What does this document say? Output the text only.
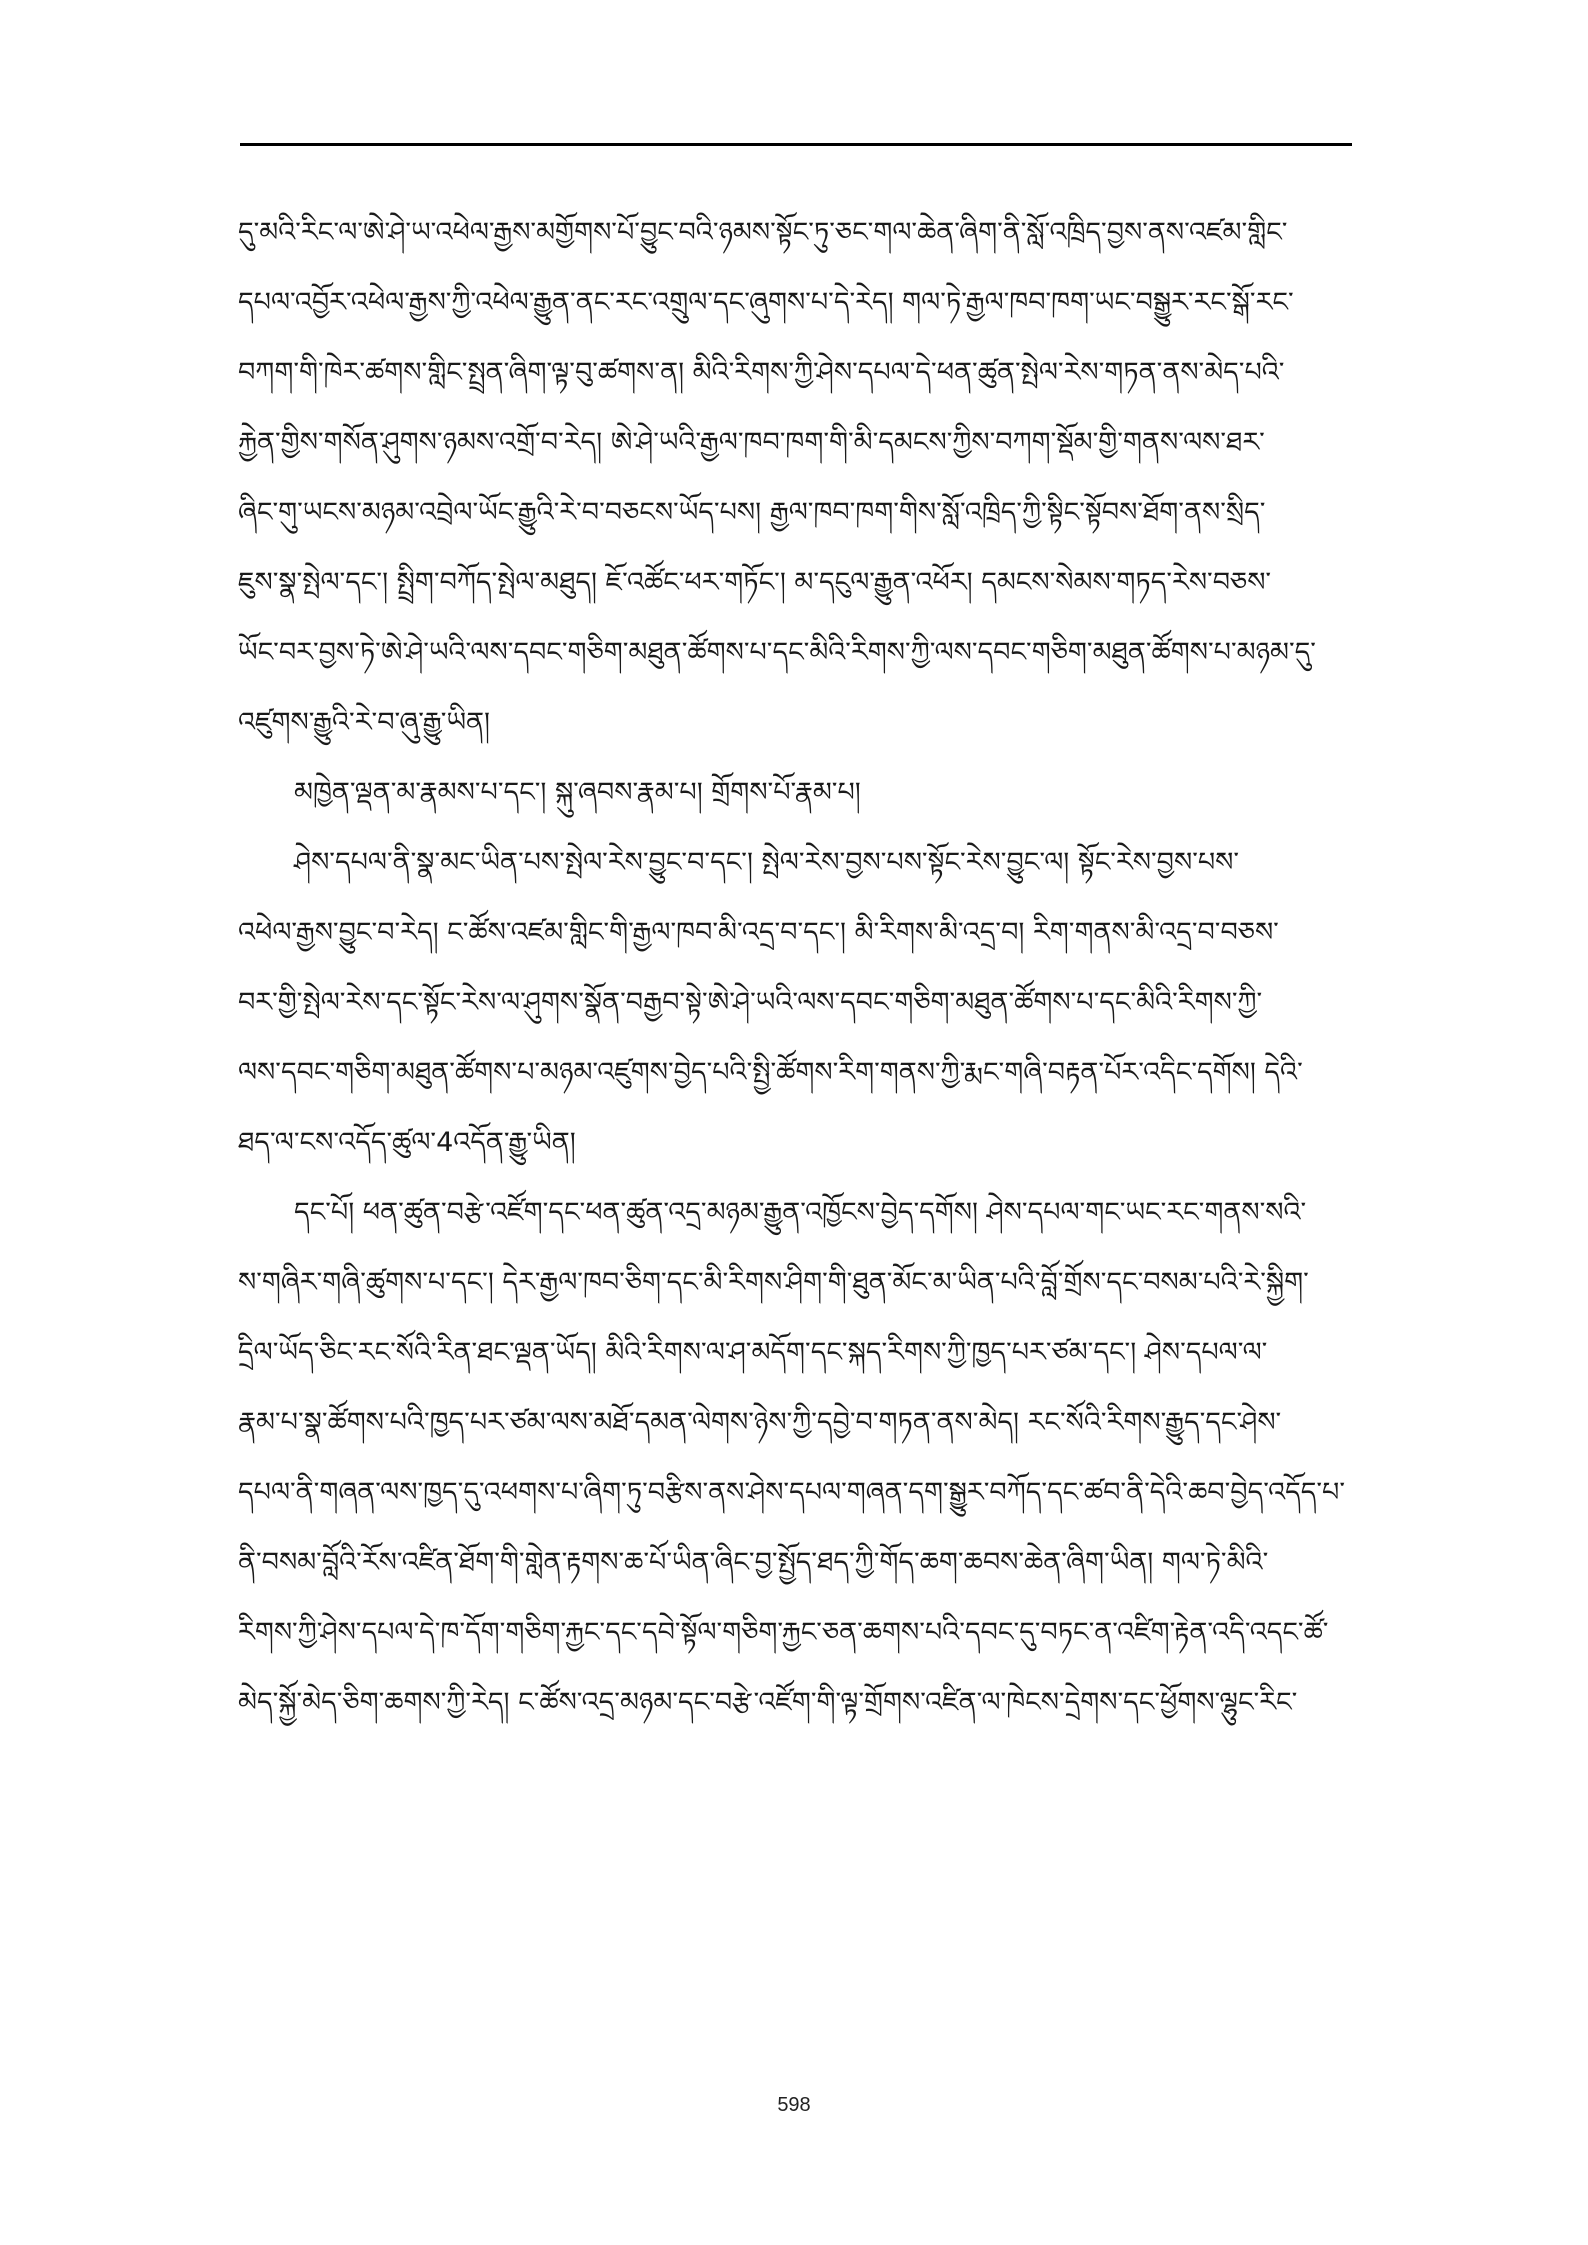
དུ་མའི་རིང་ལ་ཨེ་ཤེ་ཡ་འཕེལ་རྒྱས་མགྱོགས་པོ་བྱུང་བའི་ཉམས་སྟོང་ཏུ་ཅང་གལ་ཆེན་ཞིག་ནི་སློ་འཁྲིད་བྱས་ནས་འཛམ་གླིང་
དཔལ་འབྱོར་འཕེལ་རྒྱས་ཀྱི་འཕེལ་རྒྱུན་ནང་རང་འགྲུལ་དང་ཞུགས་པ་དེ་རེད། གལ་ཏེ་རྒྱལ་ཁབ་ཁག་ཡང་བསྒྱུར་རང་སྒོ་རང་
བཀག་གི་ཁེར་ཚགས་གླིང་སྤྲན་ཞིག་ལྟ་བུ་ཚགས་ན། མིའི་རིགས་ཀྱི་ཤེས་དཔལ་དེ་ཕན་ཚུན་སྤེལ་རེས་གཏན་ནས་མེད་པའི་
རྐྱེན་གྱིས་གསོན་ཤུགས་ཉམས་འགྲོ་བ་རེད། ཨེ་ཤེ་ཡའི་རྒྱལ་ཁབ་ཁག་གི་མི་དམངས་ཀྱིས་བཀག་སྡོམ་གྱི་གནས་ལས་ཐར་
ཞིང་གུ་ཡངས་མཉམ་འབྲེལ་ཡོང་རྒྱུའི་རེ་བ་བཅངས་ཡོད་པས། རྒྱལ་ཁབ་ཁག་གིས་སློ་འཁྲིད་ཀྱི་སྟིང་སྟོབས་ཐོག་ནས་སྲིད་
ཇུས་སྣ་སྤེལ་དང་། སྤྲིག་བཀོད་སྤེལ་མཐུད། ཇོ་འཚོང་ཕར་གཏོང་། མ་དངུལ་རྒྱུན་འཕོར། དམངས་སེམས་གཏད་རེས་བཅས་
ཡོང་བར་བྱས་ཏེ་ཨེ་ཤེ་ཡའི་ལས་དབང་གཅིག་མཐུན་ཚོགས་པ་དང་མིའི་རིགས་ཀྱི་ལས་དབང་གཅིག་མཐུན་ཚོགས་པ་མཉམ་དུ་
འཛུགས་རྒྱུའི་རེ་བ་ཞུ་རྒྱུ་ཡིན།
མཁྱེན་ལྡན་མ་རྣམས་པ་དང་། སྐུ་ཞབས་རྣམ་པ། གྲོགས་པོ་རྣམ་པ།
ཤེས་དཔལ་ནི་སྣ་མང་ཡིན་པས་སྤེལ་རེས་བྱུང་བ་དང་། སྤེལ་རེས་བྱས་པས་སྟོང་རེས་བྱུང་ལ། སྟོང་རེས་བྱས་པས་
འཕེལ་རྒྱས་བྱུང་བ་རེད། ང་ཚོས་འཛམ་གླིང་གི་རྒྱལ་ཁབ་མི་འདྲ་བ་དང་། མི་རིགས་མི་འདྲ་བ། རིག་གནས་མི་འདྲ་བ་བཅས་
བར་གྱི་སྤེལ་རེས་དང་སྟོང་རེས་ལ་ཤུགས་སྣོན་བརྒྱབ་སྟེ་ཨེ་ཤེ་ཡའི་ལས་དབང་གཅིག་མཐུན་ཚོགས་པ་དང་མིའི་རིགས་ཀྱི་
ལས་དབང་གཅིག་མཐུན་ཚོགས་པ་མཉམ་འཛུགས་བྱེད་པའི་སྤྱི་ཚོགས་རིག་གནས་ཀྱི་རྨང་གཞི་བརྟན་པོར་འདིང་དགོས། དེའི་
ཐད་ལ་ངས་འདོད་ཚུལ་4འདོན་རྒྱུ་ཡིན།
དང་པོ། ཕན་ཚུན་བརྩེ་འཛོག་དང་ཕན་ཚུན་འདྲ་མཉམ་རྒྱུན་འཁྱོངས་བྱེད་དགོས། ཤེས་དཔལ་གང་ཡང་རང་གནས་སའི་
ས་གཞིར་གཞི་ཚུགས་པ་དང་། དེར་རྒྱལ་ཁབ་ཅིག་དང་མི་རིགས་ཤིག་གི་ཐུན་མོང་མ་ཡིན་པའི་བློ་གྲོས་དང་བསམ་པའི་རེ་སྐྱིག་
དྲིལ་ཡོད་ཅིང་རང་སོའི་རིན་ཐང་ལྡན་ཡོད། མིའི་རིགས་ལ་ཤ་མདོག་དང་སྐད་རིགས་ཀྱི་ཁྱད་པར་ཙམ་དང་། ཤེས་དཔལ་ལ་
རྣམ་པ་སྣ་ཚོགས་པའི་ཁྱད་པར་ཙམ་ལས་མཐོ་དམན་ལེགས་ཉེས་ཀྱི་དབྱེ་བ་གཏན་ནས་མེད། རང་སོའི་རིགས་རྒྱུད་དང་ཤེས་
དཔལ་ནི་གཞན་ལས་ཁྱད་དུ་འཕགས་པ་ཞིག་ཏུ་བརྩིས་ནས་ཤེས་དཔལ་གཞན་དག་སྒྱུར་བཀོད་དང་ཚབ་ནི་དེའི་ཆབ་བྱེད་འདོད་པ་
ནི་བསམ་བློའི་རོས་འཛིན་ཐོག་གི་གླེན་རྟགས་ཆ་པོ་ཡིན་ཞིང་བྱ་སྤྱོད་ཐད་ཀྱི་གོད་ཆག་ཆབས་ཆེན་ཞིག་ཡིན། གལ་ཏེ་མིའི་
རིགས་ཀྱི་ཤེས་དཔལ་དེ་ཁ་དོག་གཅིག་རྐྱང་དང་དབེ་སྟོལ་གཅིག་རྐྱང་ཅན་ཆགས་པའི་དབང་དུ་བཏང་ན་འཛིག་རྟེན་འདི་འདང་ཚོ་
མེད་སྐྱོ་མེད་ཅིག་ཆགས་ཀྱི་རེད། ང་ཚོས་འདྲ་མཉམ་དང་བརྩེ་འཛོག་གི་ལྟ་གྲོགས་འཛིན་ལ་ཁེངས་དྲེགས་དང་ཕྱོགས་ལྷུང་རིང་
598
